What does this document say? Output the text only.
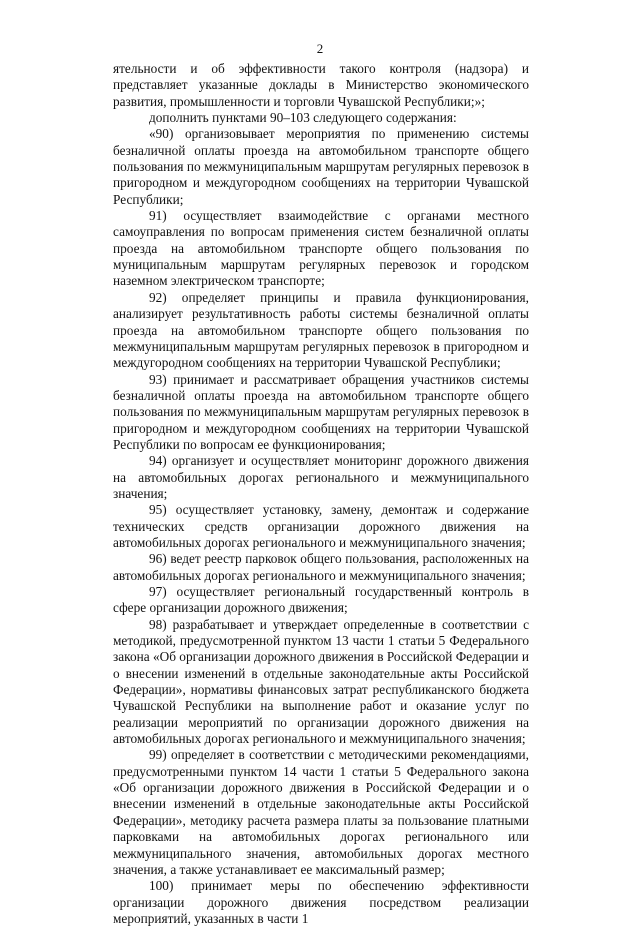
2

ятельности и об эффективности такого контроля (надзора) и представляет указанные доклады в Министерство экономического развития, промышленности и торговли Чувашской Республики;»;

дополнить пунктами 90–103 следующего содержания:

«90) организовывает мероприятия по применению системы безналичной оплаты проезда на автомобильном транспорте общего пользования по межмуниципальным маршрутам регулярных перевозок в пригородном и междугородном сообщениях на территории Чувашской Республики;

91) осуществляет взаимодействие с органами местного самоуправления по вопросам применения систем безналичной оплаты проезда на автомобильном транспорте общего пользования по муниципальным маршрутам регулярных перевозок и городском наземном электрическом транспорте;

92) определяет принципы и правила функционирования, анализирует результативность работы системы безналичной оплаты проезда на автомобильном транспорте общего пользования по межмуниципальным маршрутам регулярных перевозок в пригородном и междугородном сообщениях на территории Чувашской Республики;

93) принимает и рассматривает обращения участников системы безналичной оплаты проезда на автомобильном транспорте общего пользования по межмуниципальным маршрутам регулярных перевозок в пригородном и междугородном сообщениях на территории Чувашской Республики по вопросам ее функционирования;

94) организует и осуществляет мониторинг дорожного движения на автомобильных дорогах регионального и межмуниципального значения;

95) осуществляет установку, замену, демонтаж и содержание технических средств организации дорожного движения на автомобильных дорогах регионального и межмуниципального значения;

96) ведет реестр парковок общего пользования, расположенных на автомобильных дорогах регионального и межмуниципального значения;

97) осуществляет региональный государственный контроль в сфере организации дорожного движения;

98) разрабатывает и утверждает определенные в соответствии с методикой, предусмотренной пунктом 13 части 1 статьи 5 Федерального закона «Об организации дорожного движения в Российской Федерации и о внесении изменений в отдельные законодательные акты Российской Федерации», нормативы финансовых затрат республиканского бюджета Чувашской Республики на выполнение работ и оказание услуг по реализации мероприятий по организации дорожного движения на автомобильных дорогах регионального и межмуниципального значения;

99) определяет в соответствии с методическими рекомендациями, предусмотренными пунктом 14 части 1 статьи 5 Федерального закона «Об организации дорожного движения в Российской Федерации и о внесении изменений в отдельные законодательные акты Российской Федерации», методику расчета размера платы за пользование платными парковками на автомобильных дорогах регионального или межмуниципального значения, автомобильных дорогах местного значения, а также устанавливает ее максимальный размер;

100) принимает меры по обеспечению эффективности организации дорожного движения посредством реализации мероприятий, указанных в части 1
